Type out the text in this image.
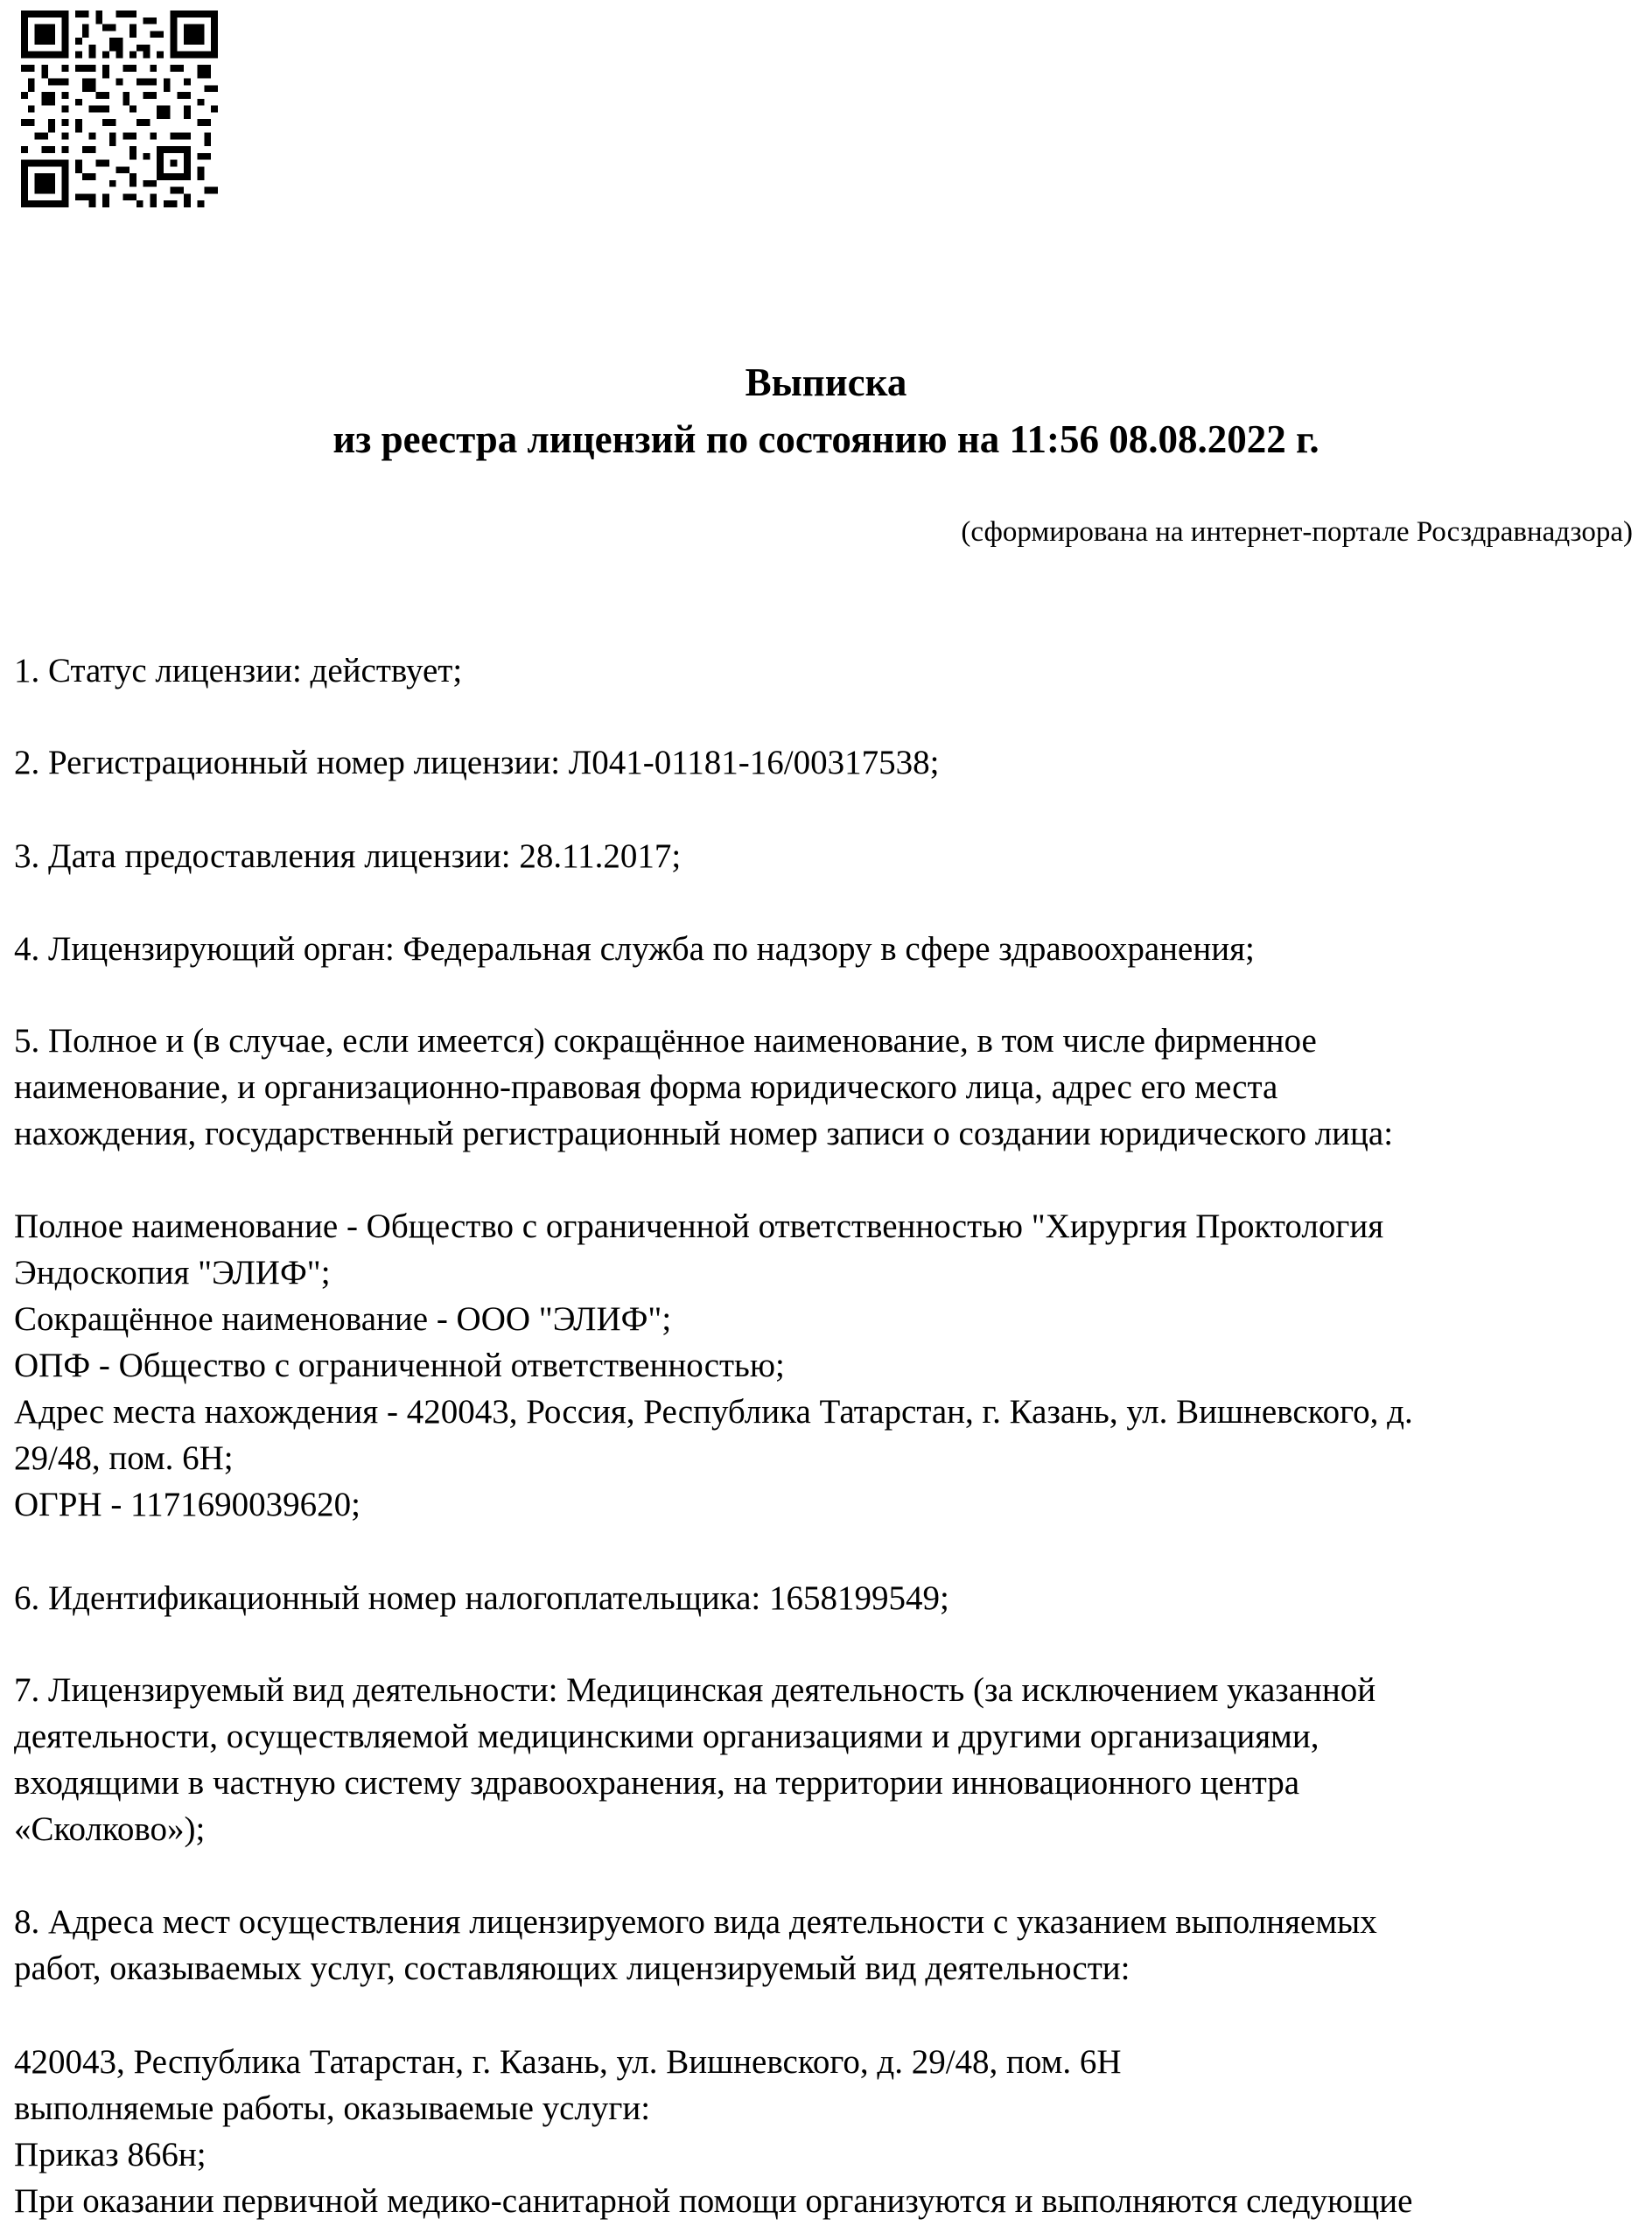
Выписка
из реестра лицензий по состоянию на 11:56 08.08.2022 г.
(сформирована на интернет-портале Росздравнадзора)
1. Статус лицензии: действует;
2. Регистрационный номер лицензии: Л041-01181-16/00317538;
3. Дата предоставления лицензии: 28.11.2017;
4. Лицензирующий орган: Федеральная служба по надзору в сфере здравоохранения;
5. Полное и (в случае, если имеется) сокращённое наименование, в том числе фирменное
наименование, и организационно-правовая форма юридического лица, адрес его места
нахождения, государственный регистрационный номер записи о создании юридического лица:
Полное наименование - Общество с ограниченной ответственностью "Хирургия Проктология
Эндоскопия "ЭЛИФ";
Сокращённое наименование - ООО "ЭЛИФ";
ОПФ - Общество с ограниченной ответственностью;
Адрес места нахождения - 420043, Россия, Республика Татарстан, г. Казань, ул. Вишневского, д.
29/48, пом. 6Н;
ОГРН - 1171690039620;
6. Идентификационный номер налогоплательщика: 1658199549;
7. Лицензируемый вид деятельности: Медицинская деятельность (за исключением указанной
деятельности, осуществляемой медицинскими организациями и другими организациями,
входящими в частную систему здравоохранения, на территории инновационного центра
«Сколково»);
8. Адреса мест осуществления лицензируемого вида деятельности с указанием выполняемых
работ, оказываемых услуг, составляющих лицензируемый вид деятельности:
420043, Республика Татарстан, г. Казань, ул. Вишневского, д. 29/48, пом. 6Н
выполняемые работы, оказываемые услуги:
Приказ 866н;
При оказании первичной медико-санитарной помощи организуются и выполняются следующие
